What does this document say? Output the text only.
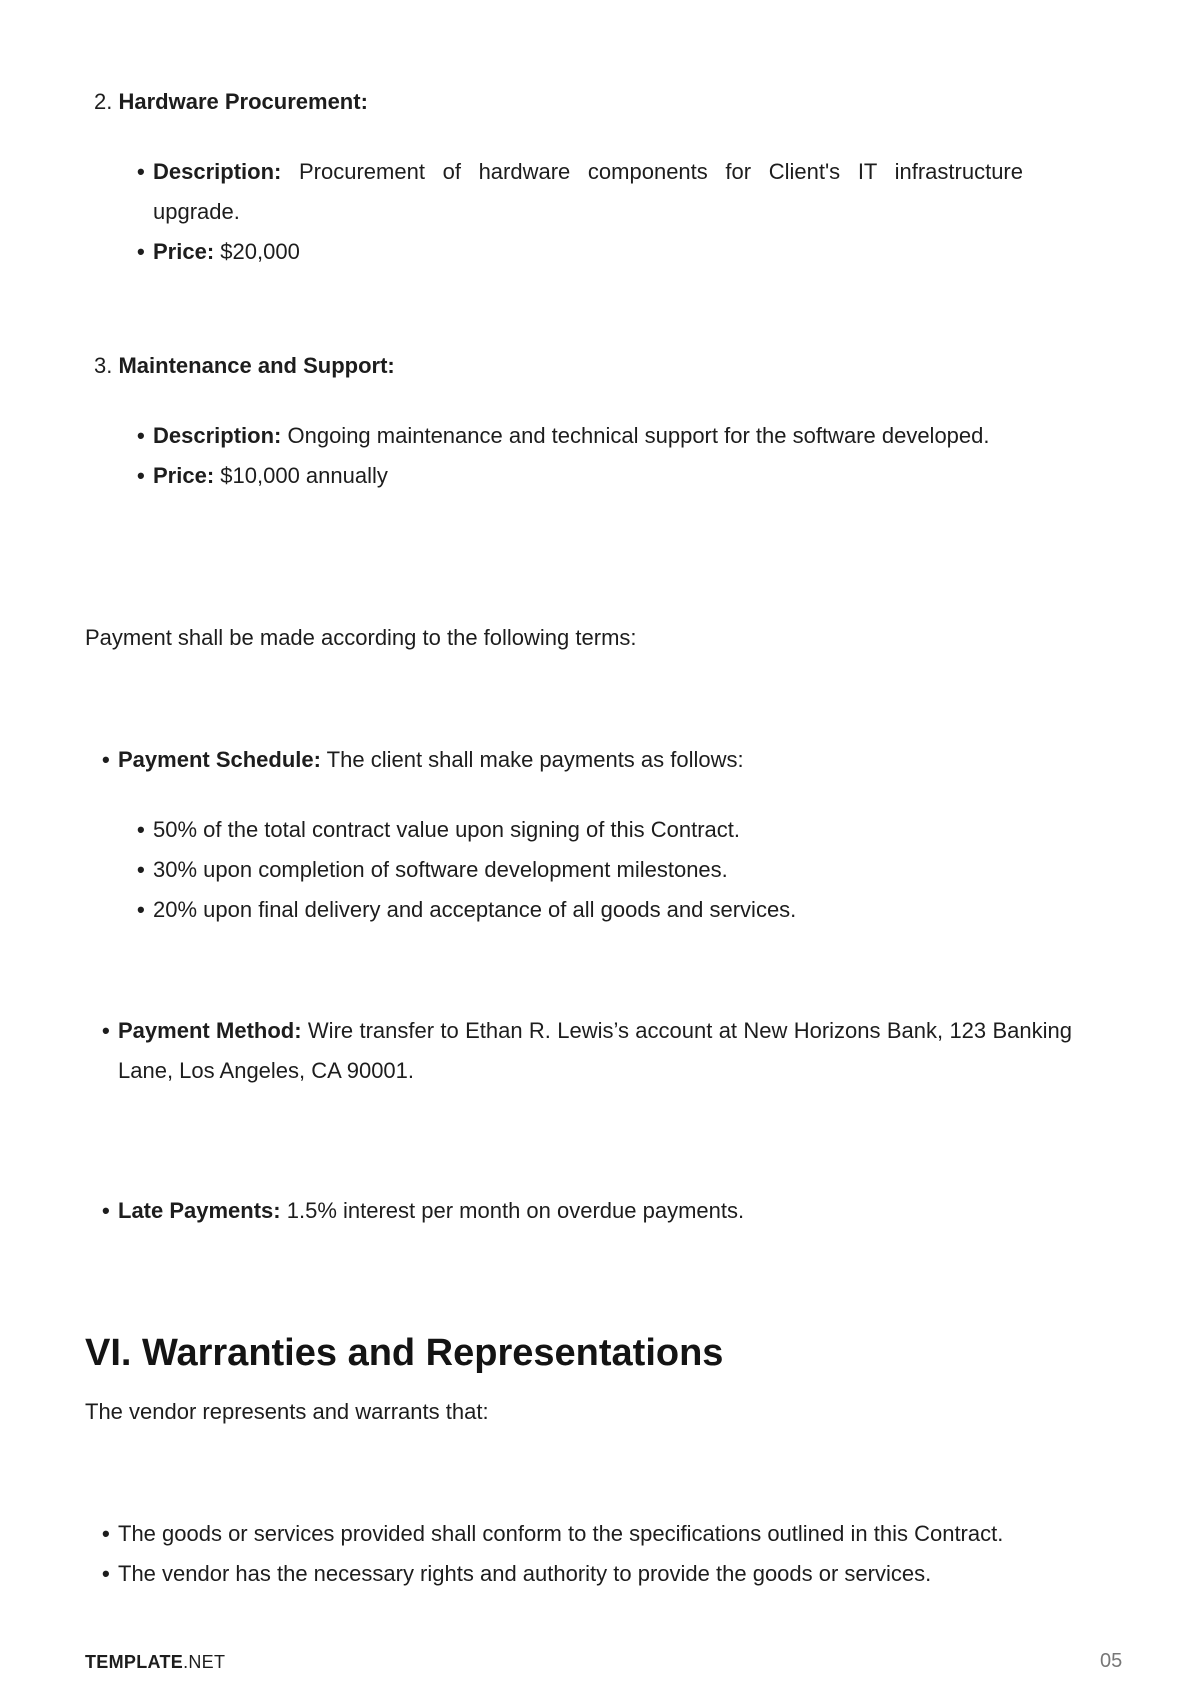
2. Hardware Procurement:
• Description: Procurement of hardware components for Client's IT infrastructure upgrade.
• Price: $20,000
3. Maintenance and Support:
• Description: Ongoing maintenance and technical support for the software developed.
• Price: $10,000 annually
Payment shall be made according to the following terms:
• Payment Schedule: The client shall make payments as follows:
• 50% of the total contract value upon signing of this Contract.
• 30% upon completion of software development milestones.
• 20% upon final delivery and acceptance of all goods and services.
• Payment Method: Wire transfer to Ethan R. Lewis’s account at New Horizons Bank, 123 Banking Lane, Los Angeles, CA 90001.
• Late Payments: 1.5% interest per month on overdue payments.
VI. Warranties and Representations
The vendor represents and warrants that:
• The goods or services provided shall conform to the specifications outlined in this Contract.
• The vendor has the necessary rights and authority to provide the goods or services.
TEMPLATE.NET	05
